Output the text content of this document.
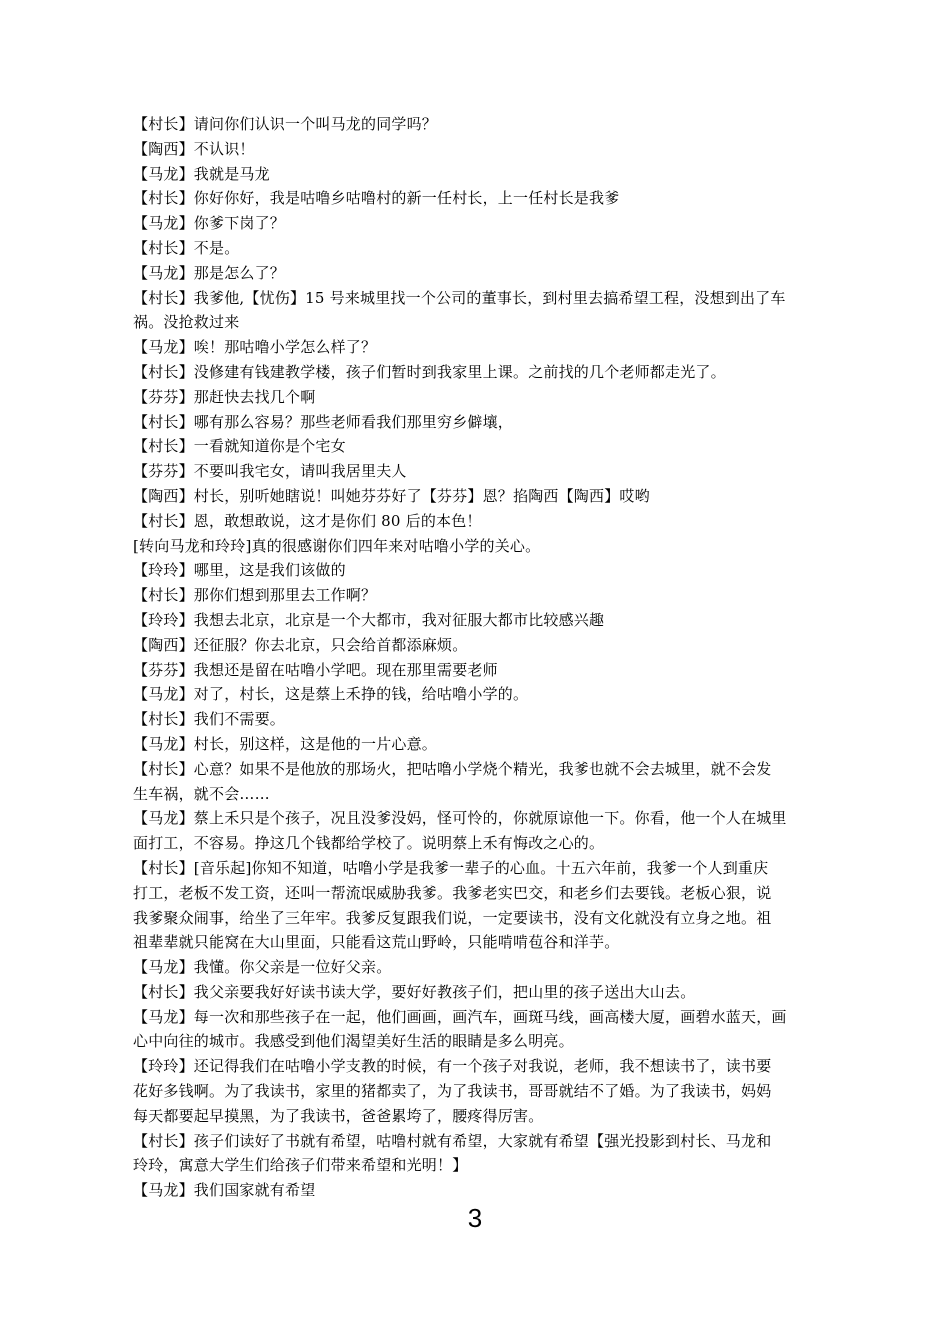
【村长】请问你们认识一个叫马龙的同学吗？
【陶西】不认识！
【马龙】我就是马龙
【村长】你好你好，我是咕噜乡咕噜村的新一任村长，上一任村长是我爹
【马龙】你爹下岗了？
【村长】不是。
【马龙】那是怎么了？
【村长】我爹他,【忧伤】15 号来城里找一个公司的董事长，到村里去搞希望工程，没想到出了车
祸。没抢救过来
【马龙】唉！那咕噜小学怎么样了？
【村长】没修建有钱建教学楼，孩子们暂时到我家里上课。之前找的几个老师都走光了。
【芬芬】那赶快去找几个啊
【村长】哪有那么容易？那些老师看我们那里穷乡僻壤，
【村长】一看就知道你是个宅女
【芬芬】不要叫我宅女，请叫我居里夫人
【陶西】村长，别听她瞎说！叫她芬芬好了【芬芬】恩？掐陶西【陶西】哎哟
【村长】恩，敢想敢说，这才是你们 80 后的本色！
[转向马龙和玲玲]真的很感谢你们四年来对咕噜小学的关心。
【玲玲】哪里，这是我们该做的
【村长】那你们想到那里去工作啊？
【玲玲】我想去北京，北京是一个大都市，我对征服大都市比较感兴趣
【陶西】还征服？你去北京，只会给首都添麻烦。
【芬芬】我想还是留在咕噜小学吧。现在那里需要老师
【马龙】对了，村长，这是蔡上禾挣的钱，给咕噜小学的。
【村长】我们不需要。
【马龙】村长，别这样，这是他的一片心意。
【村长】心意？如果不是他放的那场火，把咕噜小学烧个精光，我爹也就不会去城里，就不会发
生车祸，就不会……
【马龙】蔡上禾只是个孩子，况且没爹没妈，怪可怜的，你就原谅他一下。你看，他一个人在城里
面打工，不容易。挣这几个钱都给学校了。说明蔡上禾有悔改之心的。
【村长】[音乐起]你知不知道，咕噜小学是我爹一辈子的心血。十五六年前，我爹一个人到重庆
打工，老板不发工资，还叫一帮流氓威胁我爹。我爹老实巴交，和老乡们去要钱。老板心狠，说
我爹聚众闹事，给坐了三年牢。我爹反复跟我们说，一定要读书，没有文化就没有立身之地。祖
祖辈辈就只能窝在大山里面，只能看这荒山野岭，只能啃啃苞谷和洋芋。
【马龙】我懂。你父亲是一位好父亲。
【村长】我父亲要我好好读书读大学，要好好教孩子们，把山里的孩子送出大山去。
【马龙】每一次和那些孩子在一起，他们画画，画汽车，画斑马线，画高楼大厦，画碧水蓝天，画
心中向往的城市。我感受到他们渴望美好生活的眼睛是多么明亮。
【玲玲】还记得我们在咕噜小学支教的时候，有一个孩子对我说，老师，我不想读书了，读书要
花好多钱啊。为了我读书，家里的猪都卖了，为了我读书，哥哥就结不了婚。为了我读书，妈妈
每天都要起早摸黑，为了我读书，爸爸累垮了，腰疼得厉害。
【村长】孩子们读好了书就有希望，咕噜村就有希望，大家就有希望【强光投影到村长、马龙和
玲玲，寓意大学生们给孩子们带来希望和光明！】
【马龙】我们国家就有希望
3
